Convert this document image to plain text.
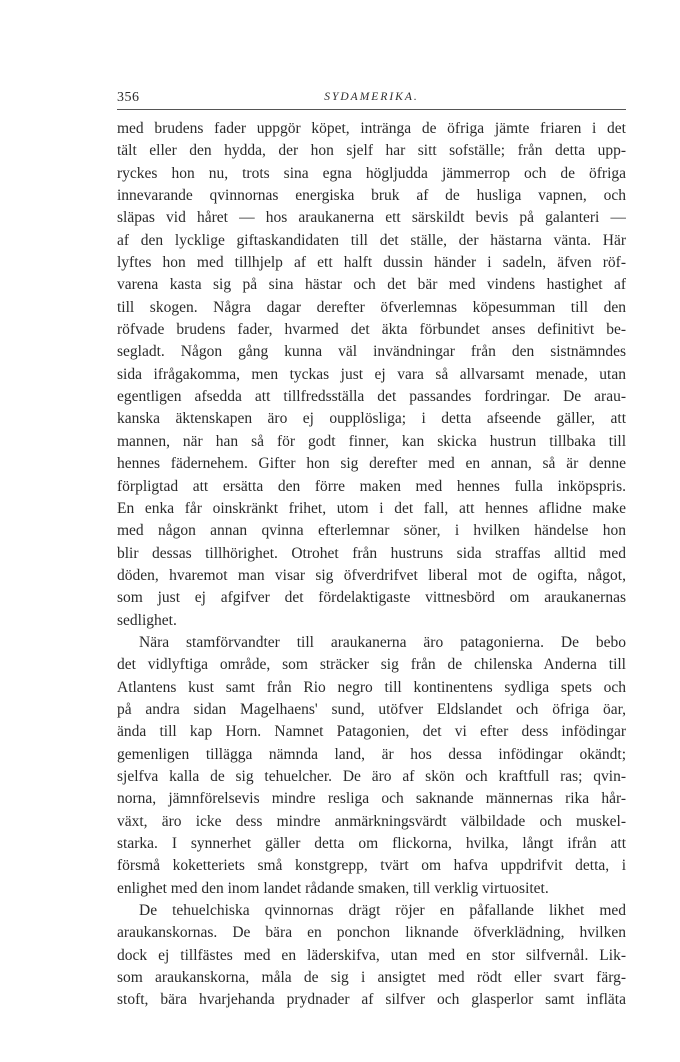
356	SYDAMERIKA.
med brudens fader uppgör köpet, inträngа de öfriga jämte friaren i det
tält eller den hydda, der hon sjelf har sitt sofställe; från detta upp-
ryckes hon nu, trots sina egna högljudda jämmerrop och de öfriga
innevarande qvinnornas energiska bruk af de husliga vapnen, och
släpas vid håret — hos araukanerna ett särskildt bevis på galanteri —
af den lycklige giftaskandidaten till det ställe, der hästarna vänta. Här
lyftes hon med tillhjelp af ett halft dussin händer i sadeln, äfven röf-
varena kasta sig på sina hästar och det bär med vindens hastighet af
till skogen. Några dagar derefter öfverlemnas köpesumman till den
röfvade brudens fader, hvarmed det äkta förbundet anses definitivt be-
segladt. Någon gång kunna väl invändningar från den sistnämndes
sida ifrågakomma, men tyckas just ej vara så allvarsamt menade, utan
egentligen afsedda att tillfredsställa det passandes fordringar. De arau-
kanska äktenskapen äro ej oupplösliga; i detta afseende gäller, att
mannen, när han så för godt finner, kan skicka hustrun tillbaka till
hennes fädernehem. Gifter hon sig derefter med en annan, så är denne
förpligtad att ersätta den förre maken med hennes fulla inköpspris.
En enka får oinskränkt frihet, utom i det fall, att hennes aflidne make
med någon annan qvinna efterlemnar söner, i hvilken händelse hon
blir dessas tillhörighet. Otrohet från hustruns sida straffas alltid med
döden, hvaremot man visar sig öfverdrifvet liberal mot de ogifta, något,
som just ej afgifver det fördelaktigaste vittnesbörd om araukanernas
sedlighet.
Nära stamförvandter till araukanerna äro patagonierna. De bebo
det vidlyftiga område, som sträcker sig från de chilenska Anderna till
Atlantens kust samt från Rio negro till kontinentens sydliga spets och
på andra sidan Magelhaens' sund, utöfver Eldslandet och öfriga öar,
ända till kap Horn. Namnet Patagonien, det vi efter dess infödingar
gemenligen tillägga nämnda land, är hos dessa infödingar okändt;
sjelfva kalla de sig tehuelcher. De äro af skön och kraftfull ras; qvin-
norna, jämnförelsevis mindre resliga och saknande männernas rika hår-
växt, äro icke dess mindre anmärkningsvärdt välbildade och muskel-
starka. I synnerhet gäller detta om flickorna, hvilka, långt ifrån att
försmå koketteriets små konstgrepp, tvärt om hafva uppdrifvit detta, i
enlighet med den inom landet rådande smaken, till verklig virtuositet.
De tehuelchiska qvinnornas drägt röjer en påfallande likhet med
araukanskornas. De bära en ponchon liknande öfverklädning, hvilken
dock ej tillfästes med en läderskifva, utan med en stor silfvernål. Lik-
som araukanskorna, måla de sig i ansigtet med rödt eller svart färg-
stoft, bära hvarjehanda prydnader af silfver och glasperlor samt inflätа
